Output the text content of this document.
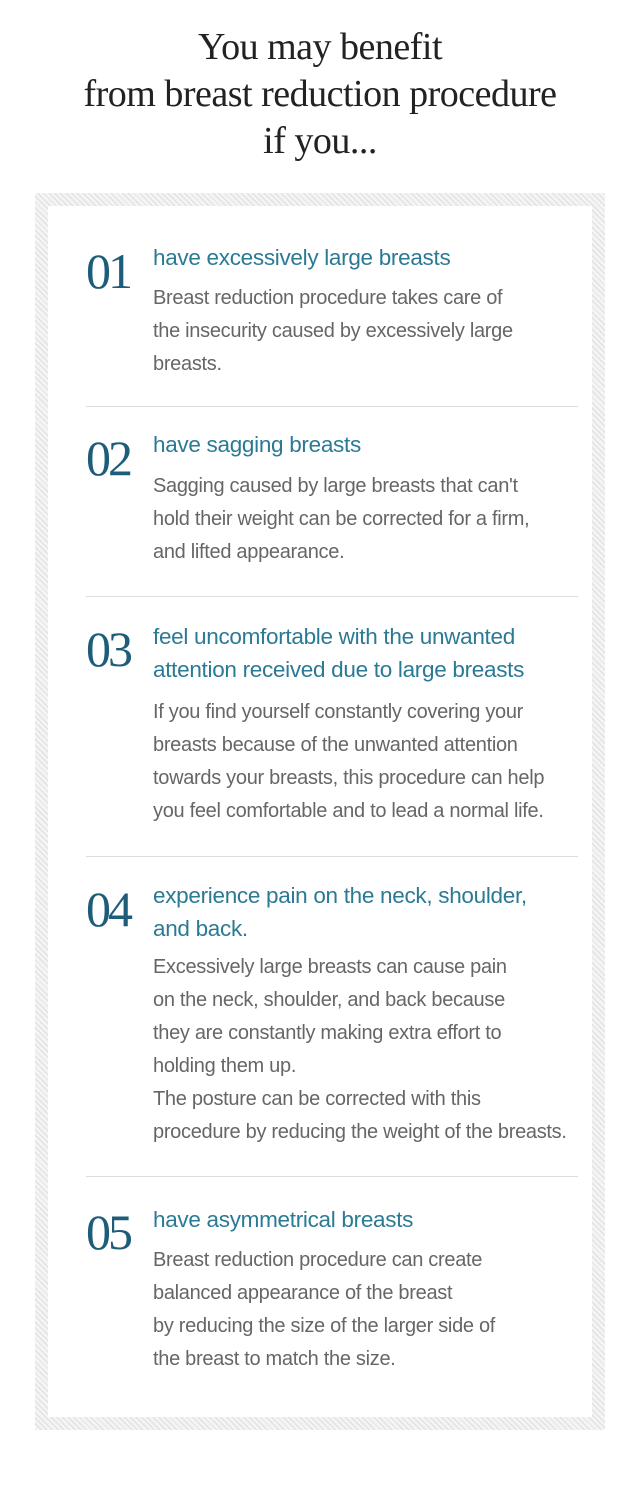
You may benefit
from breast reduction procedure
if you...
01 have excessively large breasts
Breast reduction procedure takes care of
the insecurity caused by excessively large
breasts.
02 have sagging breasts
Sagging caused by large breasts that can't
hold their weight can be corrected for a firm,
and lifted appearance.
03 feel uncomfortable with the unwanted
attention received due to large breasts
If you find yourself constantly covering your
breasts because of the unwanted attention
towards your breasts, this procedure can help
you feel comfortable and to lead a normal life.
04 experience pain on the neck, shoulder,
and back.
Excessively large breasts can cause pain
on the neck, shoulder, and back because
they are constantly making extra effort to
holding them up.
The posture can be corrected with this
procedure by reducing the weight of the breasts.
05 have asymmetrical breasts
Breast reduction procedure can create
balanced appearance of the breast
by reducing the size of the larger side of
the breast to match the size.
